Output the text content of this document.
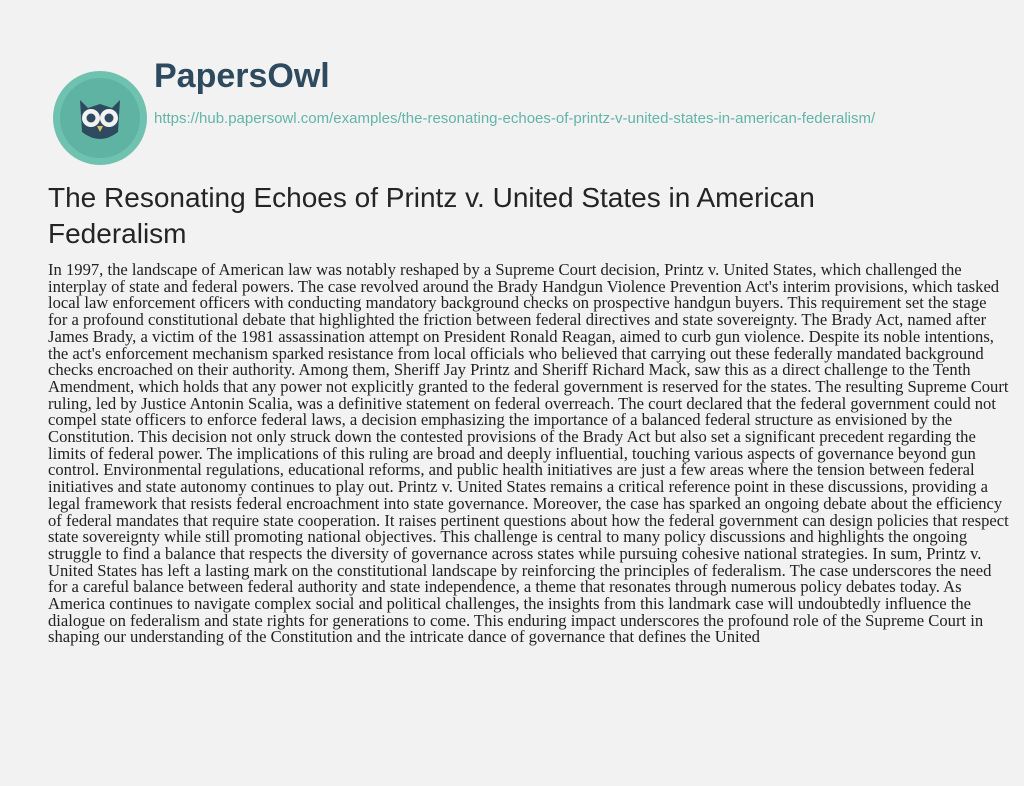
PapersOwl
https://hub.papersowl.com/examples/the-resonating-echoes-of-printz-v-united-states-in-american-federalism/
The Resonating Echoes of Printz v. United States in American Federalism
In 1997, the landscape of American law was notably reshaped by a Supreme Court decision, Printz v. United States, which challenged the
interplay of state and federal powers. The case revolved around the Brady Handgun Violence Prevention Act's interim provisions, which tasked
local law enforcement officers with conducting mandatory background checks on prospective handgun buyers. This requirement set the stage
for a profound constitutional debate that highlighted the friction between federal directives and state sovereignty. The Brady Act, named after
James Brady, a victim of the 1981 assassination attempt on President Ronald Reagan, aimed to curb gun violence. Despite its noble intentions,
the act's enforcement mechanism sparked resistance from local officials who believed that carrying out these federally mandated background
checks encroached on their authority. Among them, Sheriff Jay Printz and Sheriff Richard Mack, saw this as a direct challenge to the Tenth
Amendment, which holds that any power not explicitly granted to the federal government is reserved for the states. The resulting Supreme Court
ruling, led by Justice Antonin Scalia, was a definitive statement on federal overreach. The court declared that the federal government could not
compel state officers to enforce federal laws, a decision emphasizing the importance of a balanced federal structure as envisioned by the
Constitution. This decision not only struck down the contested provisions of the Brady Act but also set a significant precedent regarding the
limits of federal power. The implications of this ruling are broad and deeply influential, touching various aspects of governance beyond gun
control. Environmental regulations, educational reforms, and public health initiatives are just a few areas where the tension between federal
initiatives and state autonomy continues to play out. Printz v. United States remains a critical reference point in these discussions, providing a
legal framework that resists federal encroachment into state governance. Moreover, the case has sparked an ongoing debate about the efficiency
of federal mandates that require state cooperation. It raises pertinent questions about how the federal government can design policies that respect
state sovereignty while still promoting national objectives. This challenge is central to many policy discussions and highlights the ongoing
struggle to find a balance that respects the diversity of governance across states while pursuing cohesive national strategies. In sum, Printz v.
United States has left a lasting mark on the constitutional landscape by reinforcing the principles of federalism. The case underscores the need
for a careful balance between federal authority and state independence, a theme that resonates through numerous policy debates today. As
America continues to navigate complex social and political challenges, the insights from this landmark case will undoubtedly influence the
dialogue on federalism and state rights for generations to come. This enduring impact underscores the profound role of the Supreme Court in
shaping our understanding of the Constitution and the intricate dance of governance that defines the United
